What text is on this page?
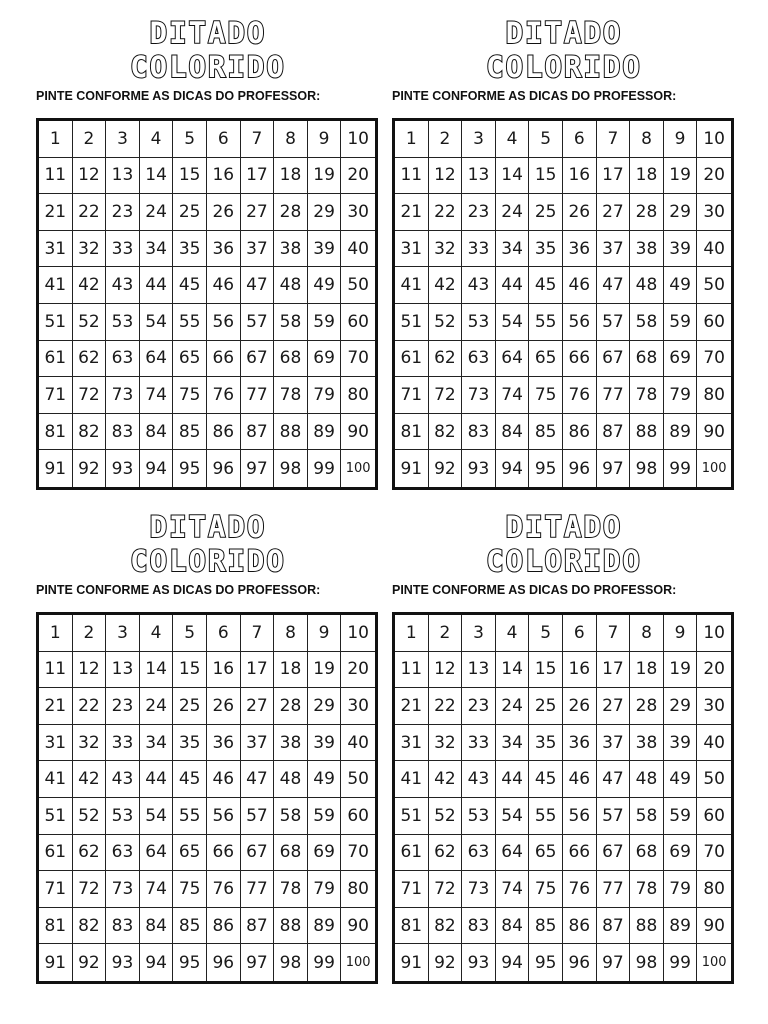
DITADO
COLORIDO
PINTE CONFORME AS DICAS DO PROFESSOR:
1	2	3	4	5	6	7	8	9	10
11 12 13 14 15 16 17 18 19 20
21 22 23 24 25 26 27 28 29 30
31 32 33 34 35 36 37 38 39 40
41 42 43 44 45 46 47 48 49 50
51 52 53 54 55 56 57 58 59 60
61 62 63 64 65 66 67 68 69 70
71 72 73 74 75 76 77 78 79 80
81 82 83 84 85 86 87 88 89 90
91 92 93 94 95 96 97 98 99 100
DITADO
COLORIDO
PINTE CONFORME AS DICAS DO PROFESSOR:
1	2	3	4	5	6	7	8	9	10
11 12 13 14 15 16 17 18 19 20
21 22 23 24 25 26 27 28 29 30
31 32 33 34 35 36 37 38 39 40
41 42 43 44 45 46 47 48 49 50
51 52 53 54 55 56 57 58 59 60
61 62 63 64 65 66 67 68 69 70
71 72 73 74 75 76 77 78 79 80
81 82 83 84 85 86 87 88 89 90
91 92 93 94 95 96 97 98 99 100
DITADO
COLORIDO
PINTE CONFORME AS DICAS DO PROFESSOR:
1	2	3	4	5	6	7	8	9	10
11 12 13 14 15 16 17 18 19 20
21 22 23 24 25 26 27 28 29 30
31 32 33 34 35 36 37 38 39 40
41 42 43 44 45 46 47 48 49 50
51 52 53 54 55 56 57 58 59 60
61 62 63 64 65 66 67 68 69 70
71 72 73 74 75 76 77 78 79 80
81 82 83 84 85 86 87 88 89 90
91 92 93 94 95 96 97 98 99 100
DITADO
COLORIDO
PINTE CONFORME AS DICAS DO PROFESSOR:
1	2	3	4	5	6	7	8	9	10
11 12 13 14 15 16 17 18 19 20
21 22 23 24 25 26 27 28 29 30
31 32 33 34 35 36 37 38 39 40
41 42 43 44 45 46 47 48 49 50
51 52 53 54 55 56 57 58 59 60
61 62 63 64 65 66 67 68 69 70
71 72 73 74 75 76 77 78 79 80
81 82 83 84 85 86 87 88 89 90
91 92 93 94 95 96 97 98 99 100
